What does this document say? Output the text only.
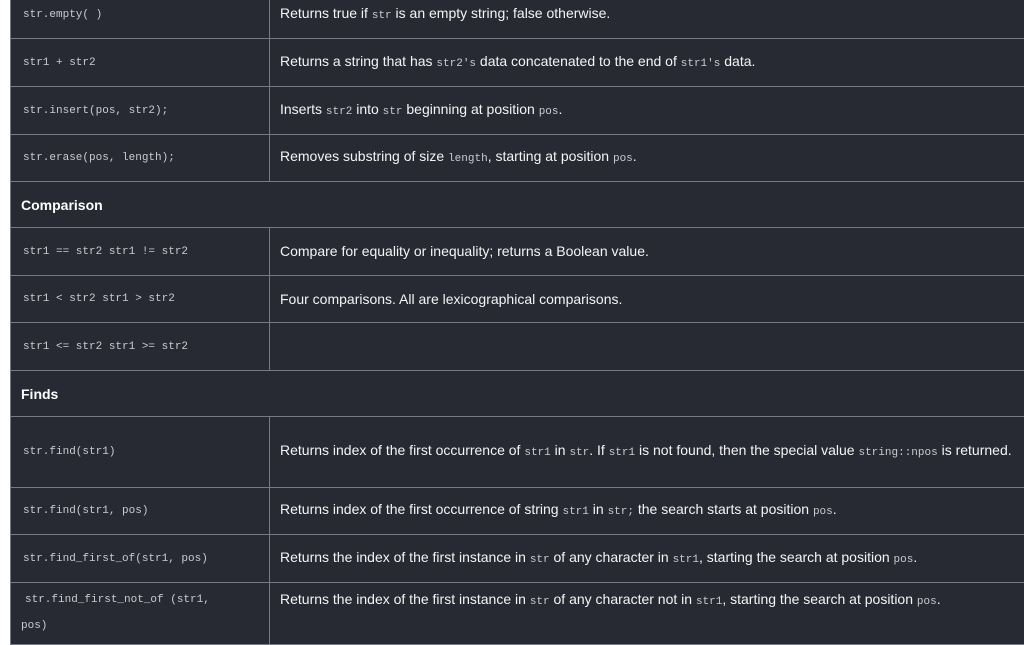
str.empty( )	Returns true if str is an empty string; false otherwise.
str1 + str2	Returns a string that has str2's data concatenated to the end of str1's data.
str.insert(pos, str2);	Inserts str2 into str beginning at position pos.
str.erase(pos, length);	Removes substring of size length, starting at position pos.
Comparison	
str1 == str2 str1 != str2	Compare for equality or inequality; returns a Boolean value.
str1 < str2 str1 > str2	Four comparisons. All are lexicographical comparisons.
str1 <= str2 str1 >= str2	
Finds	
str.find(str1)	Returns index of the first occurrence of str1 in str. If str1 is not found, then the special value string::npos is returned.
str.find(str1, pos)	Returns index of the first occurrence of string str1 in str; the search starts at position pos.
str.find_first_of(str1, pos)	Returns the index of the first instance in str of any character in str1, starting the search at position pos.

str.find_first_not_of (str1,
pos)	Returns the index of the first instance in str of any character not in str1, starting the search at position pos.
